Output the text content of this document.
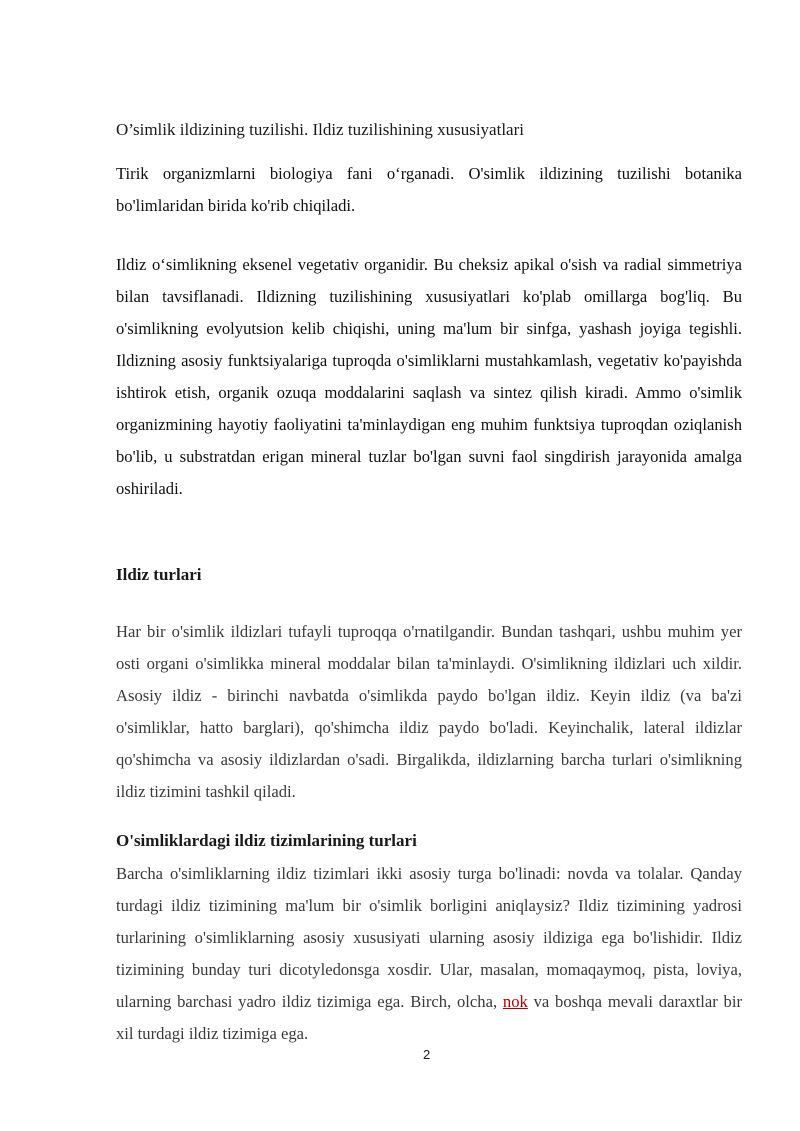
O’simlik ildizining tuzilishi. Ildiz tuzilishining xususiyatlari

Tirik organizmlarni biologiya fani o‘rganadi. O'simlik ildizining tuzilishi botanika bo'limlaridan birida ko'rib chiqiladi.

Ildiz o‘simlikning eksenel vegetativ organidir. Bu cheksiz apikal o'sish va radial simmetriya bilan tavsiflanadi. Ildizning tuzilishining xususiyatlari ko'plab omillarga bog'liq. Bu o'simlikning evolyutsion kelib chiqishi, uning ma'lum bir sinfga, yashash joyiga tegishli. Ildizning asosiy funktsiyalariga tuproqda o'simliklarni mustahkamlash, vegetativ ko'payishda ishtirok etish, organik ozuqa moddalarini saqlash va sintez qilish kiradi. Ammo o'simlik organizmining hayotiy faoliyatini ta'minlaydigan eng muhim funktsiya tuproqdan oziqlanish bo'lib, u substratdan erigan mineral tuzlar bo'lgan suvni faol singdirish jarayonida amalga oshiriladi.

Ildiz turlari

Har bir o'simlik ildizlari tufayli tuproqqa o'rnatilgandir. Bundan tashqari, ushbu muhim yer osti organi o'simlikka mineral moddalar bilan ta'minlaydi. O'simlikning ildizlari uch xildir. Asosiy ildiz - birinchi navbatda o'simlikda paydo bo'lgan ildiz. Keyin ildiz (va ba'zi o'simliklar, hatto barglari), qo'shimcha ildiz paydo bo'ladi. Keyinchalik, lateral ildizlar qo'shimcha va asosiy ildizlardan o'sadi. Birgalikda, ildizlarning barcha turlari o'simlikning ildiz tizimini tashkil qiladi.

O'simliklardagi ildiz tizimlarining turlari

Barcha o'simliklarning ildiz tizimlari ikki asosiy turga bo'linadi: novda va tolalar. Qanday turdagi ildiz tizimining ma'lum bir o'simlik borligini aniqlaysiz? Ildiz tizimining yadrosi turlarining o'simliklarning asosiy xususiyati ularning asosiy ildiziga ega bo'lishidir. Ildiz tizimining bunday turi dicotyledonsga xosdir. Ular, masalan, momaqaymoq, pista, loviya, ularning barchasi yadro ildiz tizimiga ega. Birch, olcha, nok va boshqa mevali daraxtlar bir xil turdagi ildiz tizimiga ega.

2
